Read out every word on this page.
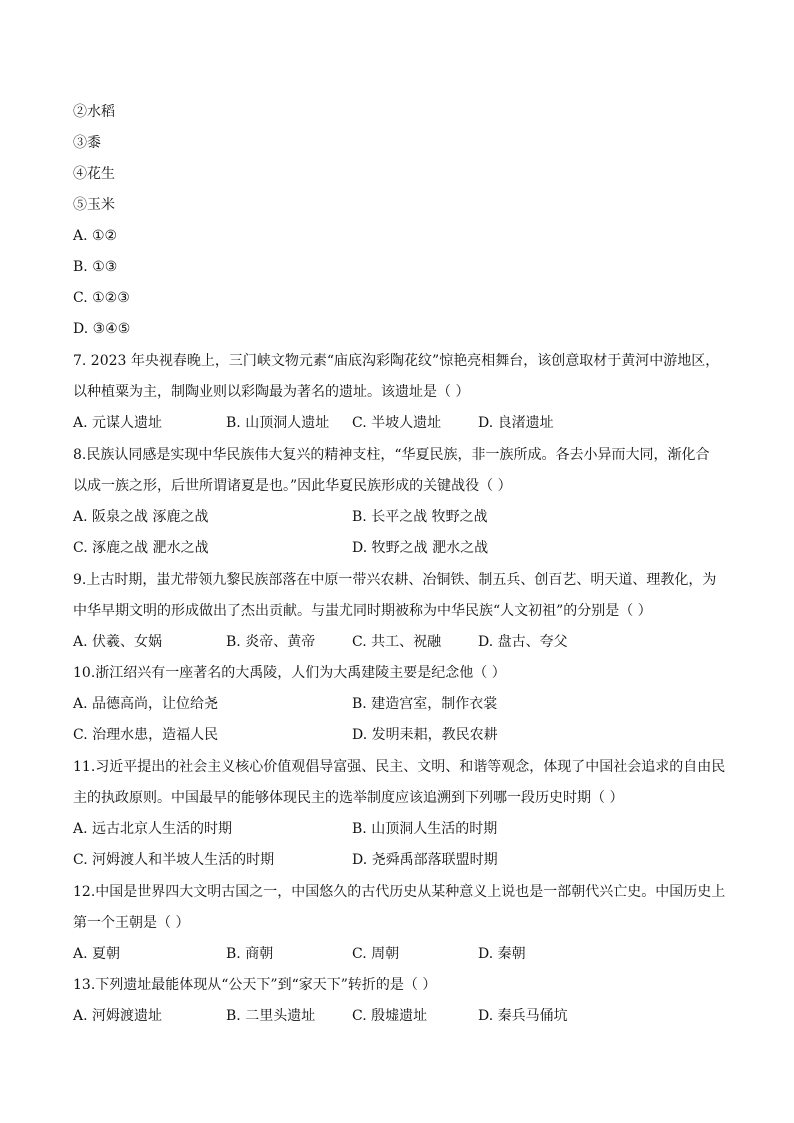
②水稻
③黍
④花生
⑤玉米
A. ①②
B. ①③
C. ①②③
D. ③④⑤
7. 2023 年央视春晚上，三门峡文物元素“庙底沟彩陶花纹”惊艳亮相舞台，该创意取材于黄河中游地区，
以种植粟为主，制陶业则以彩陶最为著名的遗址。该遗址是（ ）
A. 元谋人遗址	B. 山顶洞人遗址 C. 半坡人遗址	D. 良渚遗址
8.民族认同感是实现中华民族伟大复兴的精神支柱，“华夏民族，非一族所成。各去小异而大同，渐化合
以成一族之形，后世所谓诸夏是也。”因此华夏民族形成的关键战役（ ）
A. 阪泉之战 涿鹿之战	B. 长平之战 牧野之战
C. 涿鹿之战 淝水之战	D. 牧野之战 淝水之战
9.上古时期，蚩尤带领九黎民族部落在中原一带兴农耕、冶铜铁、制五兵、创百艺、明天道、理教化，为
中华早期文明的形成做出了杰出贡献。与蚩尤同时期被称为中华民族“人文初祖”的分别是（ ）
A. 伏羲、女娲	B. 炎帝、黄帝	C. 共工、祝融	D. 盘古、夸父
10.浙江绍兴有一座著名的大禹陵，人们为大禹建陵主要是纪念他（ ）
A. 品德高尚，让位给尧	B. 建造宫室，制作衣裳
C. 治理水患，造福人民	D. 发明耒耜，教民农耕
11.习近平提出的社会主义核心价值观倡导富强、民主、文明、和谐等观念，体现了中国社会追求的自由民
主的执政原则。中国最早的能够体现民主的选举制度应该追溯到下列哪一段历史时期（ ）
A. 远古北京人生活的时期	B. 山顶洞人生活的时期
C. 河姆渡人和半坡人生活的时期	D. 尧舜禹部落联盟时期
12.中国是世界四大文明古国之一，中国悠久的古代历史从某种意义上说也是一部朝代兴亡史。中国历史上
第一个王朝是（ ）
A. 夏朝	B. 商朝	C. 周朝	D. 秦朝
13.下列遗址最能体现从“公天下”到“家天下”转折的是（ ）
A. 河姆渡遗址	B. 二里头遗址	C. 殷墟遗址	D. 秦兵马俑坑
